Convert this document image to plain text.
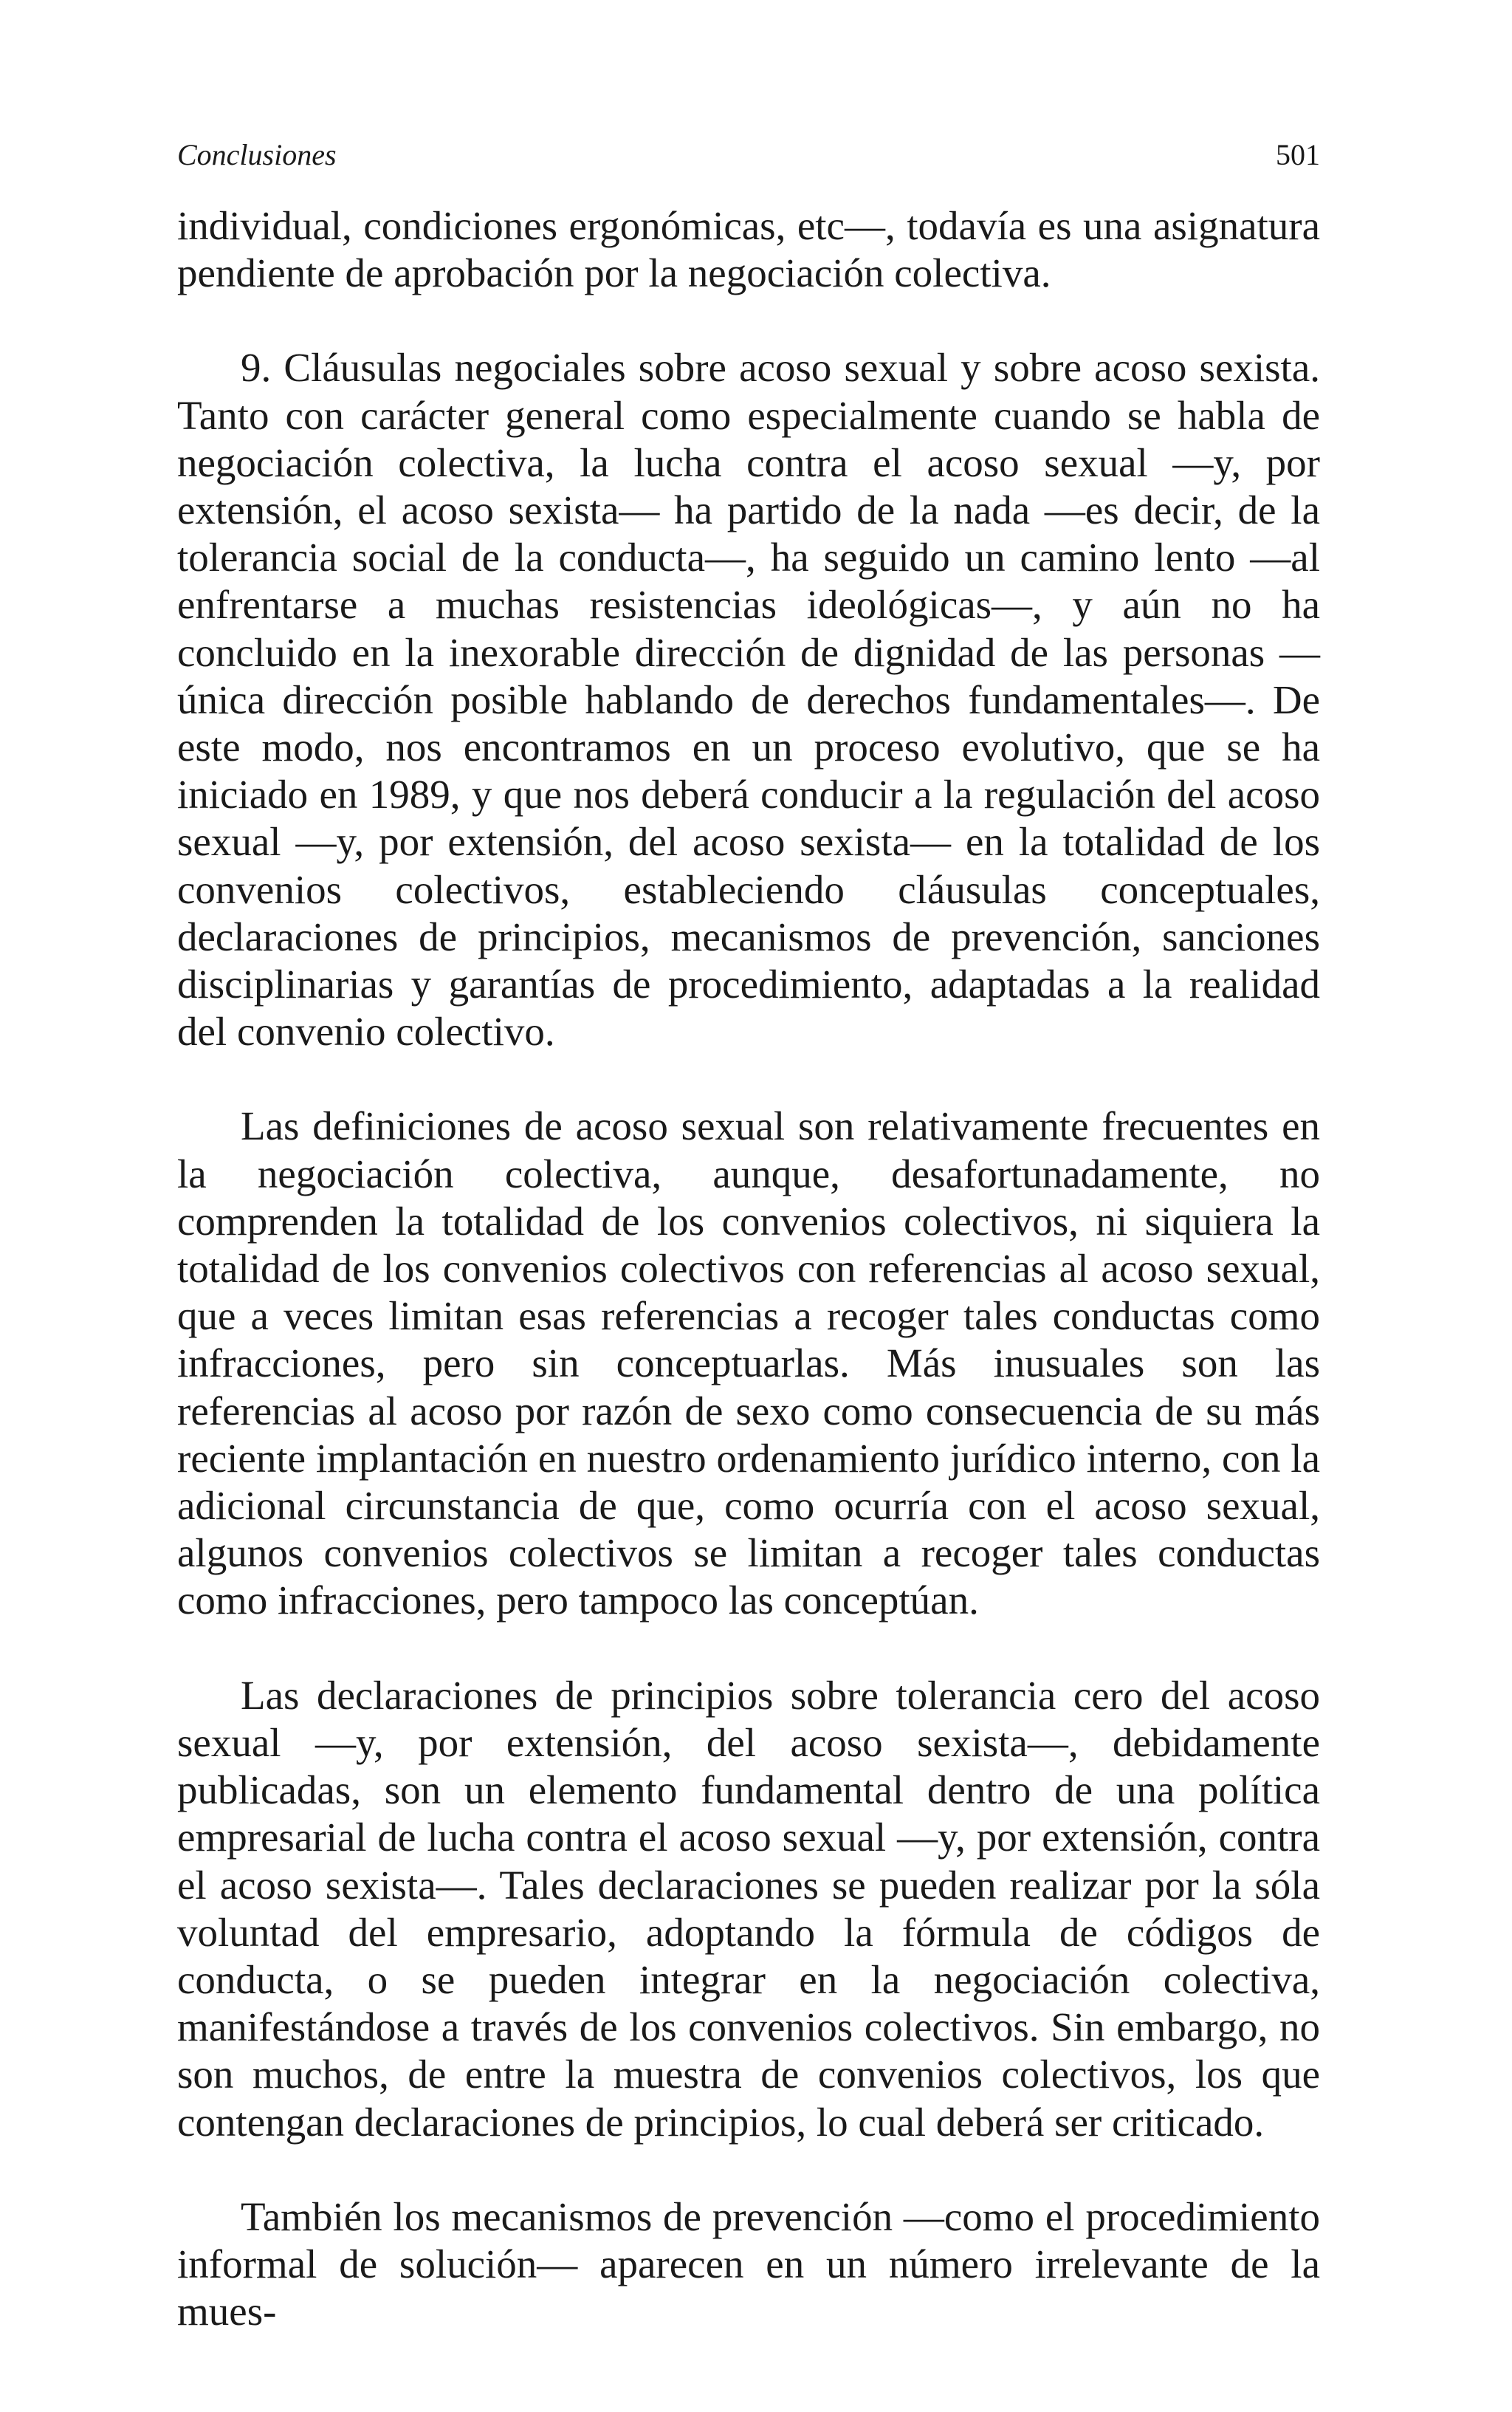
Conclusiones	501

individual, condiciones ergonómicas, etc—, todavía es una asignatura pendiente de aprobación por la negociación colectiva.

9. Cláusulas negociales sobre acoso sexual y sobre acoso sexista. Tanto con carácter general como especialmente cuando se habla de negociación colectiva, la lucha contra el acoso sexual —y, por extensión, el acoso sexista— ha partido de la nada —es decir, de la tolerancia social de la conducta—, ha seguido un camino lento —al enfrentarse a muchas resistencias ideológicas—, y aún no ha concluido en la inexorable dirección de dignidad de las personas —única dirección posible hablando de derechos fundamentales—. De este modo, nos encontramos en un proceso evolutivo, que se ha iniciado en 1989, y que nos deberá conducir a la regulación del acoso sexual —y, por extensión, del acoso sexista— en la totalidad de los convenios colectivos, estableciendo cláusulas conceptuales, declaraciones de principios, mecanismos de prevención, sanciones disciplinarias y garantías de procedimiento, adaptadas a la realidad del convenio colectivo.

Las definiciones de acoso sexual son relativamente frecuentes en la negociación colectiva, aunque, desafortunadamente, no comprenden la totalidad de los convenios colectivos, ni siquiera la totalidad de los convenios colectivos con referencias al acoso sexual, que a veces limitan esas referencias a recoger tales conductas como infracciones, pero sin conceptuarlas. Más inusuales son las referencias al acoso por razón de sexo como consecuencia de su más reciente implantación en nuestro ordenamiento jurídico interno, con la adicional circunstancia de que, como ocurría con el acoso sexual, algunos convenios colectivos se limitan a recoger tales conductas como infracciones, pero tampoco las conceptúan.

Las declaraciones de principios sobre tolerancia cero del acoso sexual —y, por extensión, del acoso sexista—, debidamente publicadas, son un elemento fundamental dentro de una política empresarial de lucha contra el acoso sexual —y, por extensión, contra el acoso sexista—. Tales declaraciones se pueden realizar por la sóla voluntad del empresario, adoptando la fórmula de códigos de conducta, o se pueden integrar en la negociación colectiva, manifestándose a través de los convenios colectivos. Sin embargo, no son muchos, de entre la muestra de convenios colectivos, los que contengan declaraciones de principios, lo cual deberá ser criticado.

También los mecanismos de prevención —como el procedimiento informal de solución— aparecen en un número irrelevante de la mues-
